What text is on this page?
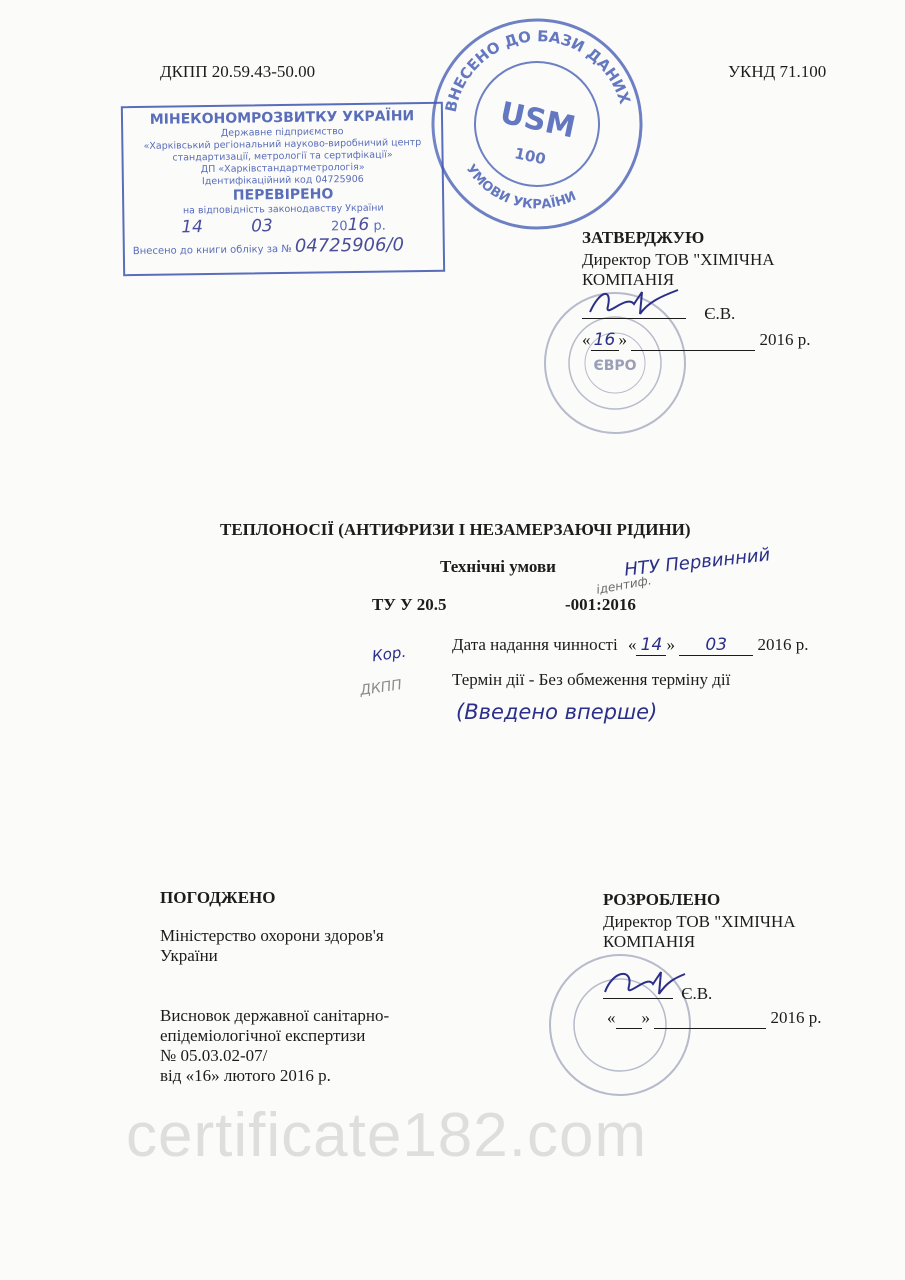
ДКПП 20.59.43-50.00	УКНД 71.100
ВНЕСЕНО ДО БАЗИ ДАНИХ
УМОВИ УКРАЇНИ
USM
100
МІНЕКОНОМРОЗВИТКУ УКРАЇНИ
Державне підприємство
«Харківський регіональний науково-виробничий центр
стандартизації, метрології та сертифікації»
ДП «Харківстандартметрологія»
Ідентифікаційний код 04725906
ПЕРЕВІРЕНО
на відповідність законодавству України
14	03	2016 р.
Внесено до книги обліку за № 04725906/0
ЄВРО
ЗАТВЕРДЖУЮ
Директор ТОВ "ХІМІЧНА
КОМПАНІЯ

Є.В.
« 16 »	2016 р.
ТЕПЛОНОСІЇ (АНТИФРИЗИ І НЕЗАМЕРЗАЮЧІ РІДИНИ)
Технічні умови	НТУ Первинний
ідентиф.
ТУ У 20.5	-001:2016
Дата надання чинності « 14 » 03 2016 р.
Термін дії - Без обмеження терміну дії
(Введено вперше)
Кор.
ДКПП
ПОГОДЖЕНО
Міністерство охорони здоров'я
України
Висновок державної санітарно-
епідеміологічної експертизи
№ 05.03.02-07/
від «16» лютого 2016 р.
РОЗРОБЛЕНО
Директор ТОВ "ХІМІЧНА
КОМПАНІЯ

Є.В.
« »	2016 р.
certificate182.com
